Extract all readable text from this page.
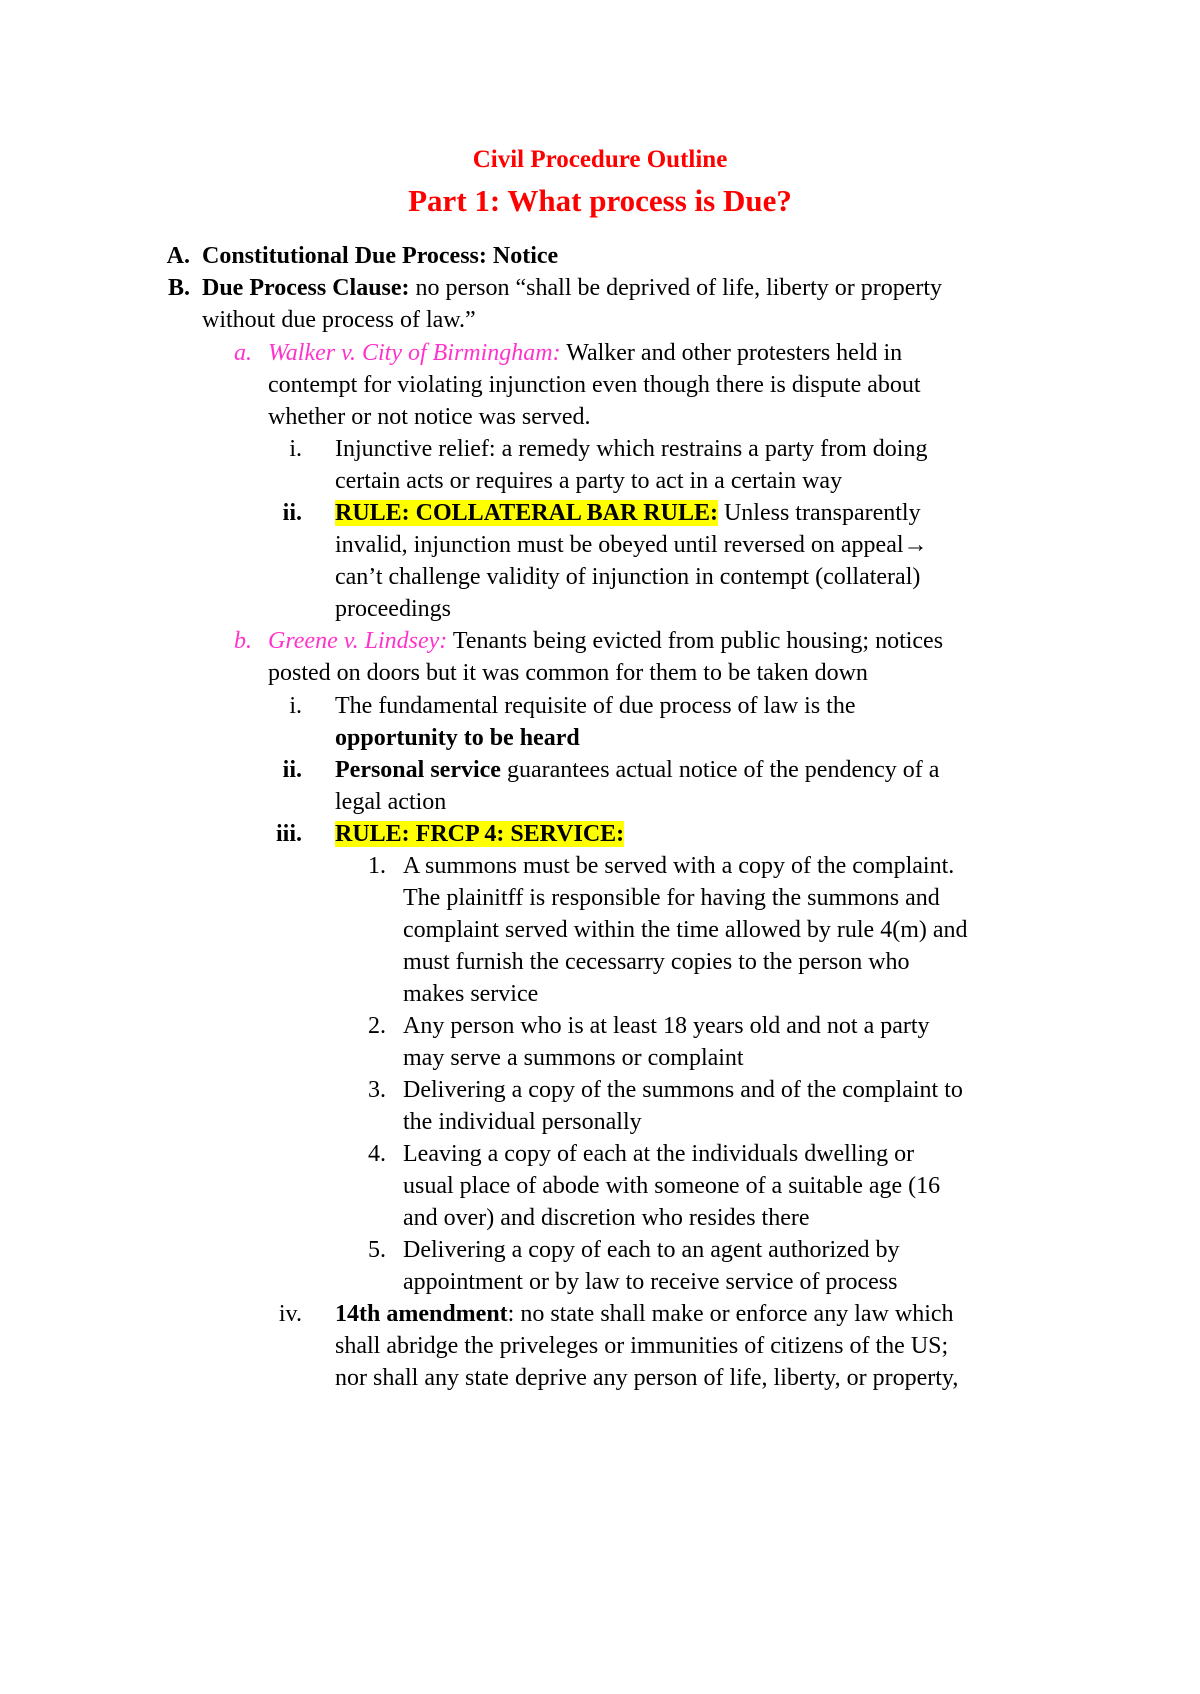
Civil Procedure Outline
Part 1: What process is Due?
A. Constitutional Due Process: Notice
B. Due Process Clause: no person “shall be deprived of life, liberty or property
without due process of law.”
a. Walker v. City of Birmingham: Walker and other protesters held in
contempt for violating injunction even though there is dispute about
whether or not notice was served.
i. Injunctive relief: a remedy which restrains a party from doing
certain acts or requires a party to act in a certain way
ii. RULE: COLLATERAL BAR RULE: Unless transparently
invalid, injunction must be obeyed until reversed on appeal→
can’t challenge validity of injunction in contempt (collateral)
proceedings
b. Greene v. Lindsey: Tenants being evicted from public housing; notices
posted on doors but it was common for them to be taken down
i. The fundamental requisite of due process of law is the
opportunity to be heard
ii. Personal service guarantees actual notice of the pendency of a
legal action
iii. RULE: FRCP 4: SERVICE:
1. A summons must be served with a copy of the complaint.
The plainitff is responsible for having the summons and
complaint served within the time allowed by rule 4(m) and
must furnish the cecessarry copies to the person who
makes service
2. Any person who is at least 18 years old and not a party
may serve a summons or complaint
3. Delivering a copy of the summons and of the complaint to
the individual personally
4. Leaving a copy of each at the individuals dwelling or
usual place of abode with someone of a suitable age (16
and over) and discretion who resides there
5. Delivering a copy of each to an agent authorized by
appointment or by law to receive service of process
iv. 14th amendment: no state shall make or enforce any law which
shall abridge the priveleges or immunities of citizens of the US;
nor shall any state deprive any person of life, liberty, or property,
